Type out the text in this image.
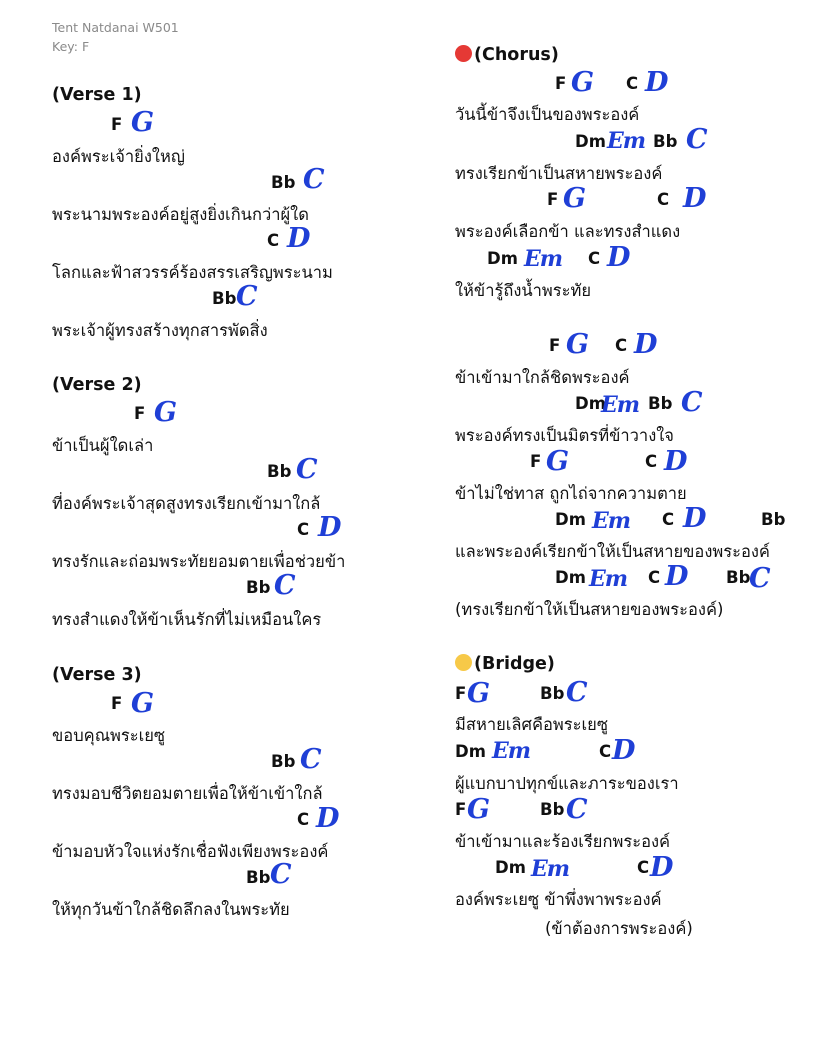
Tent Natdanai W501
Key: F
(Verse 1)
F G
องค์พระเจ้ายิ่งใหญ่
Bb C
พระนามพระองค์อยู่สูงยิ่งเกินกว่าผู้ใด
C D
โลกและฟ้าสวรรค์ร้องสรรเสริญพระนาม
Bb C
พระเจ้าผู้ทรงสร้างทุกสารพัดสิ่ง
(Verse 2)
F G
ข้าเป็นผู้ใดเล่า
Bb C
ที่องค์พระเจ้าสุดสูงทรงเรียกเข้ามาใกล้
C D
ทรงรักและถ่อมพระทัยยอมตายเพื่อช่วยข้า
Bb C
ทรงสำแดงให้ข้าเห็นรักที่ไม่เหมือนใคร
(Verse 3)
F G
ขอบคุณพระเยซู
Bb C
ทรงมอบชีวิตยอมตายเพื่อให้ข้าเข้าใกล้
C D
ข้ามอบหัวใจแห่งรักเชื่อฟังเพียงพระองค์
Bb C
ให้ทุกวันข้าใกล้ชิดลึกลงในพระทัย
(Chorus)
F G C D
วันนี้ข้าจึงเป็นของพระองค์
Dm Em Bb C
ทรงเรียกข้าเป็นสหายพระองค์
F G	C D
พระองค์เลือกข้า และทรงสำแดง
Dm Em C D
ให้ข้ารู้ถึงน้ำพระทัย
F G C D
ข้าเข้ามาใกล้ชิดพระองค์
Dm
Em Bb C
พระองค์ทรงเป็นมิตรที่ข้าวางใจ
F G	C D
ข้าไม่ใช่ทาส ถูกไถ่จากความตาย
Dm Em C D	Bb
และพระองค์เรียกข้าให้เป็นสหายของพระองค์
Dm Em C D Bb
C
(ทรงเรียกข้าให้เป็นสหายของพระองค์)
(Bridge)
F G	Bb C
มีสหายเลิศคือพระเยซู
Dm Em	C D
ผู้แบกบาปทุกข์และภาระของเรา
F G	Bb C
ข้าเข้ามาและร้องเรียกพระองค์
Dm Em	C D
องค์พระเยซู ข้าพึ่งพาพระองค์
(ข้าต้องการพระองค์)
